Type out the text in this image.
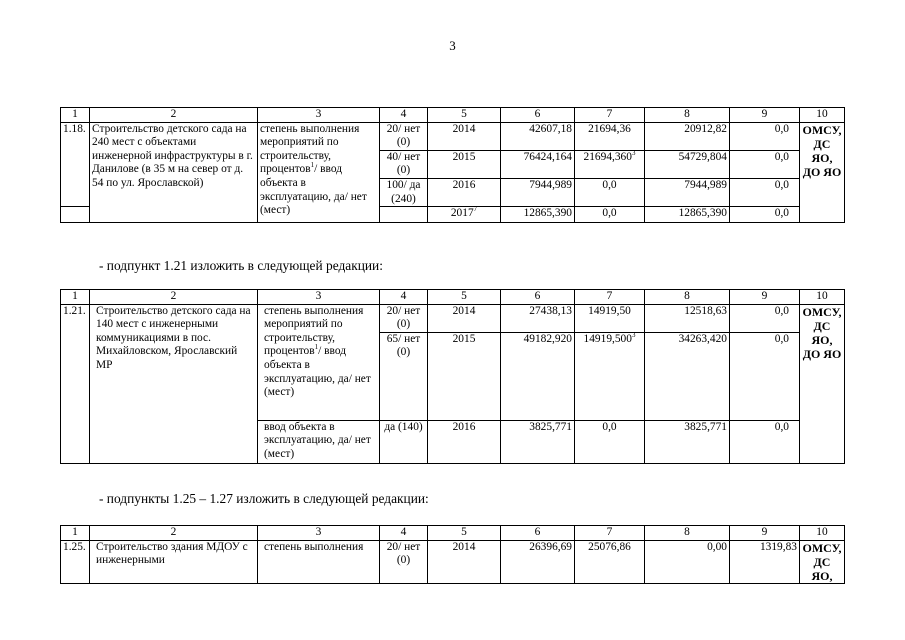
3
1	2	3	4	5	6	7	8	9	10
1.18.	Строительство детского сада на 240 мест с объектами инженерной инфраструктуры в г. Данилове (в 35 м на север от д. 54 по ул. Ярославской)	степень выполнения мероприятий по строительству, процентов$^1$/ ввод объекта в эксплуатацию, да/ нет (мест)	20/ нет (0)	2014	42607,18	21694,36	20912,82	0,0	ОМСУ, ДС ЯО, ДО ЯО
			40/ нет (0)	2015	76424,164	21694,360$^3$	54729,804	0,0	
			100/ да (240)	2016	7944,989	0,0	7944,989	0,0	
				2017$^7$	12865,390	0,0	12865,390	0,0	
- подпункт 1.21 изложить в следующей редакции:
1	2	3	4	5	6	7	8	9	10
1.21.	Строительство детского сада на 140 мест с инженерными коммуникациями в пос. Михайловском, Ярославский МР	степень выполнения мероприятий по строительству, процентов$^1$/ ввод объекта в эксплуатацию, да/ нет (мест)	20/ нет (0)	2014	27438,13	14919,50	12518,63	0,0	ОМСУ, ДС ЯО, ДО ЯО
			65/ нет (0)	2015	49182,920	14919,500$^3$	34263,420	0,0	
		ввод объекта в эксплуатацию, да/ нет (мест)	да (140)	2016	3825,771	0,0	3825,771	0,0	
- подпункты 1.25 – 1.27 изложить в следующей редакции:
1	2	3	4	5	6	7	8	9	10
1.25.	Строительство здания МДОУ с инженерными	степень выполнения	20/ нет (0)	2014	26396,69	25076,86	0,00	1319,83	ОМСУ, ДС ЯО,
